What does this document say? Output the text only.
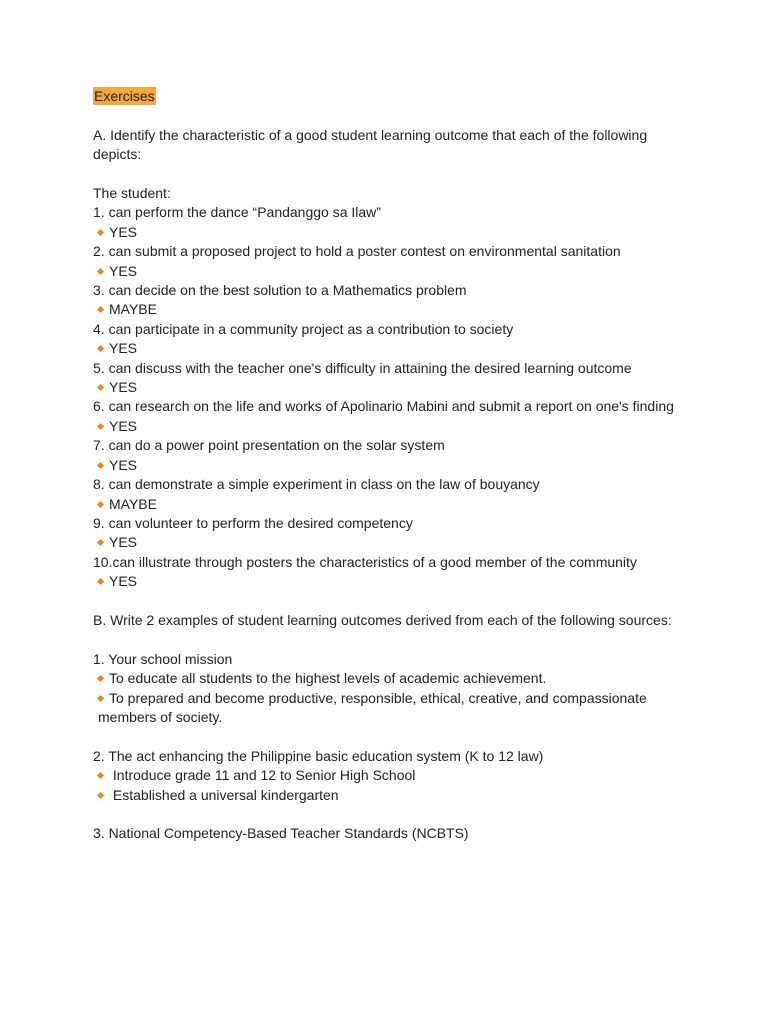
Exercises
A. Identify the characteristic of a good student learning outcome that each of the following depicts:
The student:
1. can perform the dance “Pandanggo sa Ilaw”
YES
2. can submit a proposed project to hold a poster contest on environmental sanitation
YES
3. can decide on the best solution to a Mathematics problem
MAYBE
4. can participate in a community project as a contribution to society
YES
5. can discuss with the teacher one's difficulty in attaining the desired learning outcome
YES
6. can research on the life and works of Apolinario Mabini and submit a report on one's finding
YES
7. can do a power point presentation on the solar system
YES
8. can demonstrate a simple experiment in class on the law of bouyancy
MAYBE
9. can volunteer to perform the desired competency
YES
10.can illustrate through posters the characteristics of a good member of the community
YES
B. Write 2 examples of student learning outcomes derived from each of the following sources:
1. Your school mission
To educate all students to the highest levels of academic achievement.
To prepared and become productive, responsible, ethical, creative, and compassionate members of society.
2. The act enhancing the Philippine basic education system (K to 12 law)
Introduce grade 11 and 12 to Senior High School
Established a universal kindergarten
3. National Competency-Based Teacher Standards (NCBTS)
